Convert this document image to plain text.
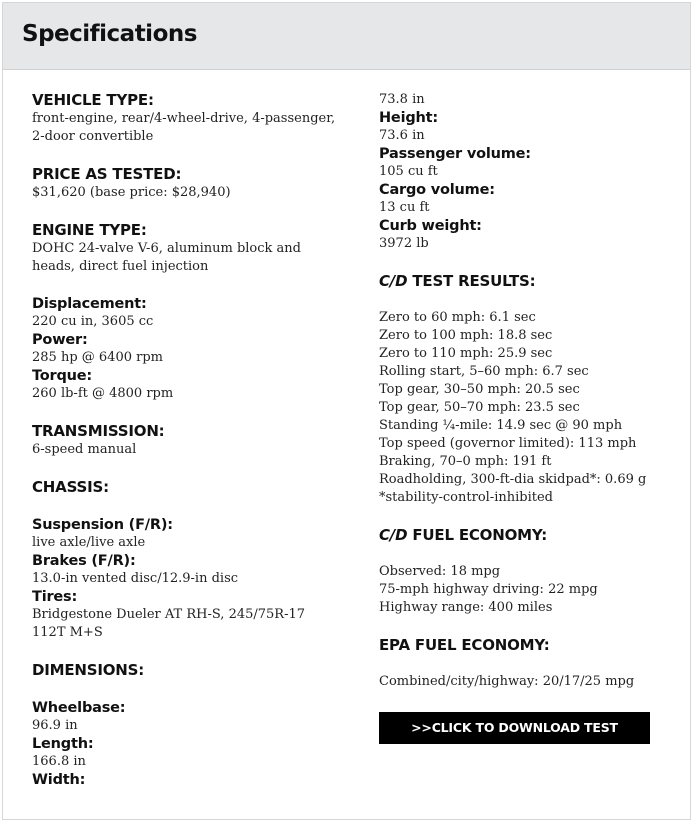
Specifications
VEHICLE TYPE:
front-engine, rear/4-wheel-drive, 4-passenger, 2-door convertible
PRICE AS TESTED:
$31,620 (base price: $28,940)
ENGINE TYPE:
DOHC 24-valve V-6, aluminum block and heads, direct fuel injection
Displacement:
220 cu in, 3605 cc
Power:
285 hp @ 6400 rpm
Torque:
260 lb-ft @ 4800 rpm
TRANSMISSION:
6-speed manual
CHASSIS:
Suspension (F/R):
live axle/live axle
Brakes (F/R):
13.0-in vented disc/12.9-in disc
Tires:
Bridgestone Dueler AT RH-S, 245/75R-17 112T M+S
DIMENSIONS:
Wheelbase:
96.9 in
Length:
166.8 in
Width:
73.8 in
Height:
73.6 in
Passenger volume:
105 cu ft
Cargo volume:
13 cu ft
Curb weight:
3972 lb
C/D TEST RESULTS:
Zero to 60 mph: 6.1 sec
Zero to 100 mph: 18.8 sec
Zero to 110 mph: 25.9 sec
Rolling start, 5–60 mph: 6.7 sec
Top gear, 30–50 mph: 20.5 sec
Top gear, 50–70 mph: 23.5 sec
Standing ¼-mile: 14.9 sec @ 90 mph
Top speed (governor limited): 113 mph
Braking, 70–0 mph: 191 ft
Roadholding, 300-ft-dia skidpad*: 0.69 g
*stability-control-inhibited
C/D FUEL ECONOMY:
Observed: 18 mpg
75-mph highway driving: 22 mpg
Highway range: 400 miles
EPA FUEL ECONOMY:
Combined/city/highway: 20/17/25 mpg
>>CLICK TO DOWNLOAD TEST SHEET<<
